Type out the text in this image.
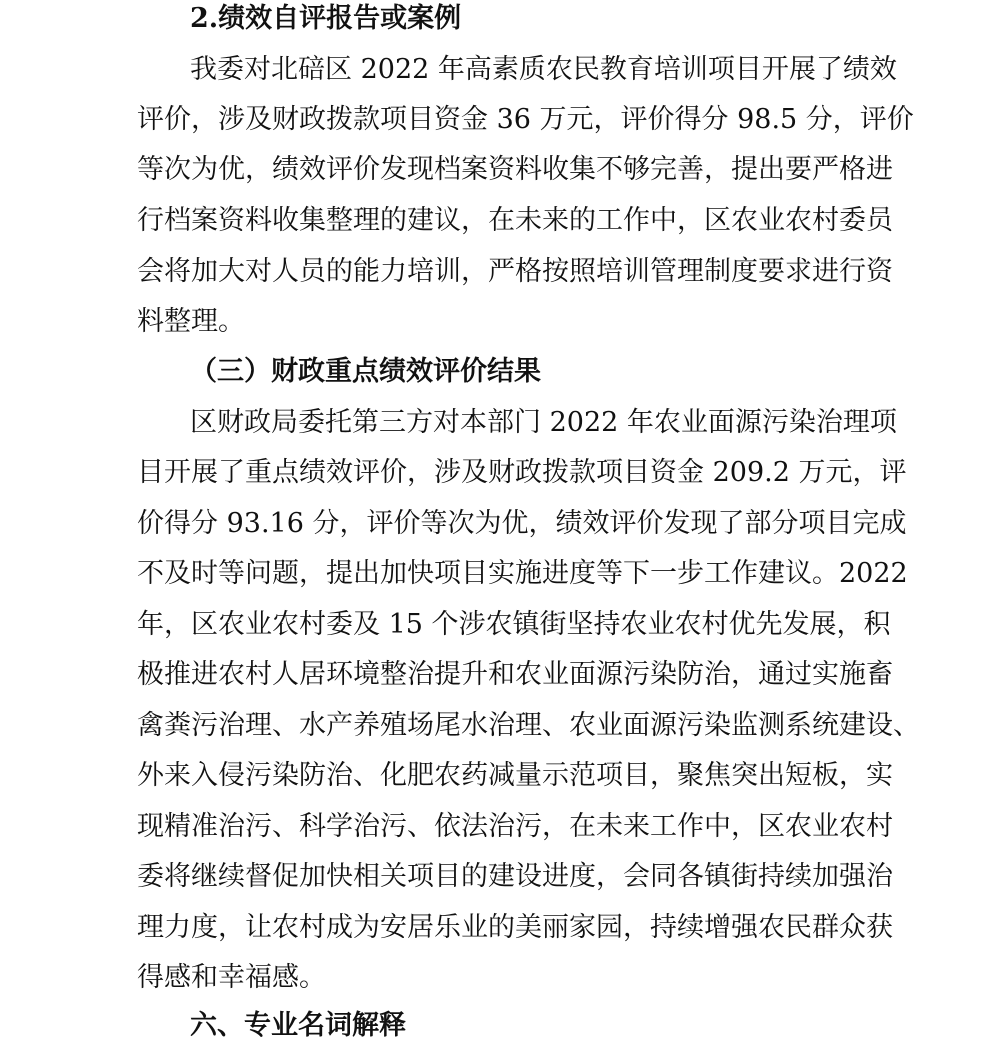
2.绩效自评报告或案例
我委对北碚区 2022 年高素质农民教育培训项目开展了绩效
评价，涉及财政拨款项目资金 36 万元，评价得分 98.5 分，评价
等次为优，绩效评价发现档案资料收集不够完善，提出要严格进
行档案资料收集整理的建议，在未来的工作中，区农业农村委员
会将加大对人员的能力培训，严格按照培训管理制度要求进行资
料整理。
（三）财政重点绩效评价结果
区财政局委托第三方对本部门 2022 年农业面源污染治理项
目开展了重点绩效评价，涉及财政拨款项目资金 209.2 万元，评
价得分 93.16 分，评价等次为优，绩效评价发现了部分项目完成
不及时等问题，提出加快项目实施进度等下一步工作建议。2022
年，区农业农村委及 15 个涉农镇街坚持农业农村优先发展，积
极推进农村人居环境整治提升和农业面源污染防治，通过实施畜
禽粪污治理、水产养殖场尾水治理、农业面源污染监测系统建设、
外来入侵污染防治、化肥农药减量示范项目，聚焦突出短板，实
现精准治污、科学治污、依法治污，在未来工作中，区农业农村
委将继续督促加快相关项目的建设进度，会同各镇街持续加强治
理力度，让农村成为安居乐业的美丽家园，持续增强农民群众获
得感和幸福感。
六、专业名词解释
